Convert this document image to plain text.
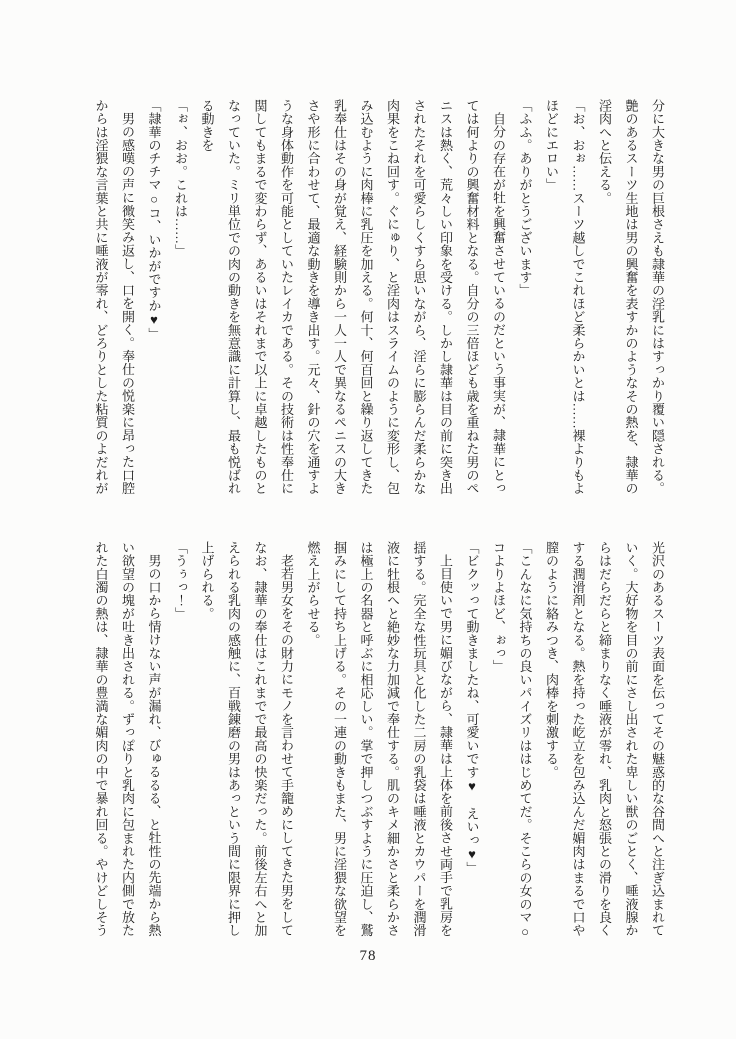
分に大きな男の巨根さえも隷華の淫乳にはすっかり覆い隠される。
艶のあるスーツ生地は男の興奮を表すかのようなその熱を、隷華の
淫肉へと伝える。
「お、おぉ……スーツ越しでこれほど柔らかいとは……裸よりもよ
ほどにエロい」
「ふふ。ありがとうございます」
自分の存在が牡を興奮させているのだという事実が、隷華にとっ
ては何よりの興奮材料となる。自分の三倍ほども歳を重ねた男のペ
ニスは熱く、荒々しい印象を受ける。しかし隷華は目の前に突き出
されたそれを可愛らしくすら思いながら、淫らに膨らんだ柔らかな
肉果をこね回す。ぐにゅり、と淫肉はスライムのように変形し、包
み込むように肉棒に乳圧を加える。何十、何百回と繰り返してきた
乳奉仕はその身が覚え、経験則から一人一人で異なるペニスの大き
さや形に合わせて、最適な動きを導き出す。元々、針の穴を通すよ
うな身体動作を可能としていたレイカである。その技術は性奉仕に
関してもまるで変わらず、あるいはそれまで以上に卓越したものと
なっていた。ミリ単位での肉の動きを無意識に計算し、最も悦ばれ
る動きを
「ぉ、おお。これは……」
「隷華のチチマ○コ、いかがですか♥」
男の感嘆の声に微笑み返し、口を開く。奉仕の悦楽に昂った口腔
からは淫猥な言葉と共に唾液が零れ、どろりとした粘質のよだれが
光沢のあるスーツ表面を伝ってその魅惑的な谷間へと注ぎ込まれて
いく。大好物を目の前にさし出された卑しい獣のごとく、唾液腺か
らはだらだらと締まりなく唾液が零れ、乳肉と怒張との滑りを良く
する潤滑剤となる。熱を持った屹立を包み込んだ媚肉はまるで口や
膣のように絡みつき、肉棒を刺激する。
「こんなに気持ちの良いパイズリははじめてだ。そこらの女のマ○
コよりよほど、ぉっ」
「ビクッって動きましたね、可愛いです♥　えいっ♥」
上目使いで男に媚びながら、隷華は上体を前後させ両手で乳房を
揺する。完全な性玩具と化した二房の乳袋は唾液とカウパーを潤滑
液に牡根へと絶妙な力加減で奉仕する。肌のキメ細かさと柔らかさ
は極上の名器と呼ぶに相応しい。掌で押しつぶすように圧迫し、鷲
掴みにして持ち上げる。その一連の動きもまた、男に淫猥な欲望を
燃え上がらせる。
老若男女をその財力にモノを言わせて手籠めにしてきた男をして
なお、隷華の奉仕はこれまでで最高の快楽だった。前後左右へと加
えられる乳肉の感触に、百戦錬磨の男はあっという間に限界に押し
上げられる。
「うぅっ！」
男の口から情けない声が漏れ、びゅるるる、と牡性の先端から熱
い欲望の塊が吐き出される。ずっぽりと乳肉に包まれた内側で放た
れた白濁の熱は、隷華の豊満な媚肉の中で暴れ回る。やけどしそう
78
